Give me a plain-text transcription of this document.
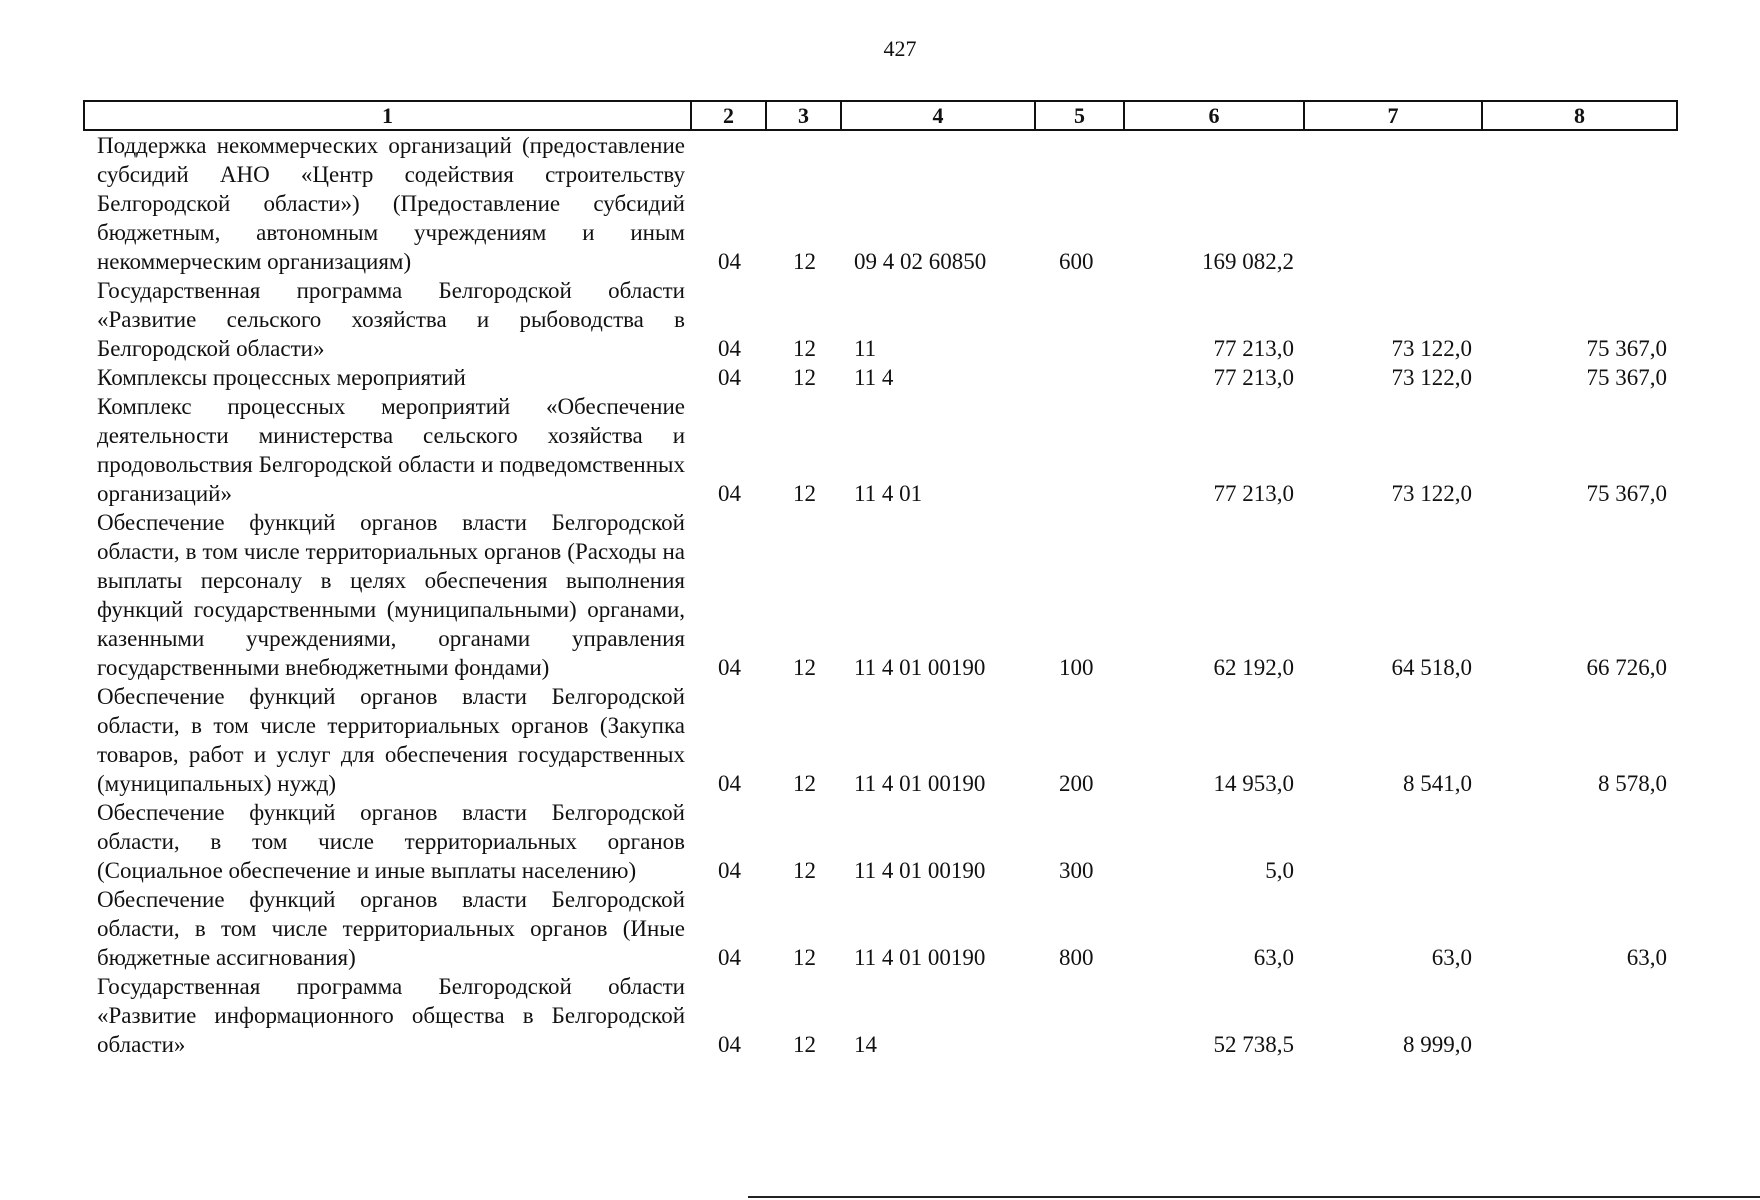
427
1	2	3	4	5	6	7	8
Поддержка некоммерческих организаций (предоставление субсидий АНО «Центр содействия строительству Белгородской области») (Предоставление субсидий бюджетным, автономным учреждениям и иным некоммерческим организациям)	04	12	09 4 02 60850	600	169 082,2		
Государственная программа Белгородской области «Развитие сельского хозяйства и рыбоводства в Белгородской области»	04	12	11		77 213,0	73 122,0	75 367,0
Комплексы процессных мероприятий	04	12	11 4		77 213,0	73 122,0	75 367,0
Комплекс процессных мероприятий «Обеспечение деятельности министерства сельского хозяйства и продовольствия Белгородской области и подведомственных организаций»	04	12	11 4 01		77 213,0	73 122,0	75 367,0
Обеспечение функций органов власти Белгородской области, в том числе территориальных органов (Расходы на выплаты персоналу в целях обеспечения выполнения функций государственными (муниципальными) органами, казенными учреждениями, органами управления государственными внебюджетными фондами)	04	12	11 4 01 00190	100	62 192,0	64 518,0	66 726,0
Обеспечение функций органов власти Белгородской области, в том числе территориальных органов (Закупка товаров, работ и услуг для обеспечения государственных (муниципальных) нужд)	04	12	11 4 01 00190	200	14 953,0	8 541,0	8 578,0
Обеспечение функций органов власти Белгородской области, в том числе территориальных органов (Социальное обеспечение и иные выплаты населению)	04	12	11 4 01 00190	300	5,0		
Обеспечение функций органов власти Белгородской области, в том числе территориальных органов (Иные бюджетные ассигнования)	04	12	11 4 01 00190	800	63,0	63,0	63,0
Государственная программа Белгородской области «Развитие информационного общества в Белгородской области»	04	12	14		52 738,5	8 999,0	
